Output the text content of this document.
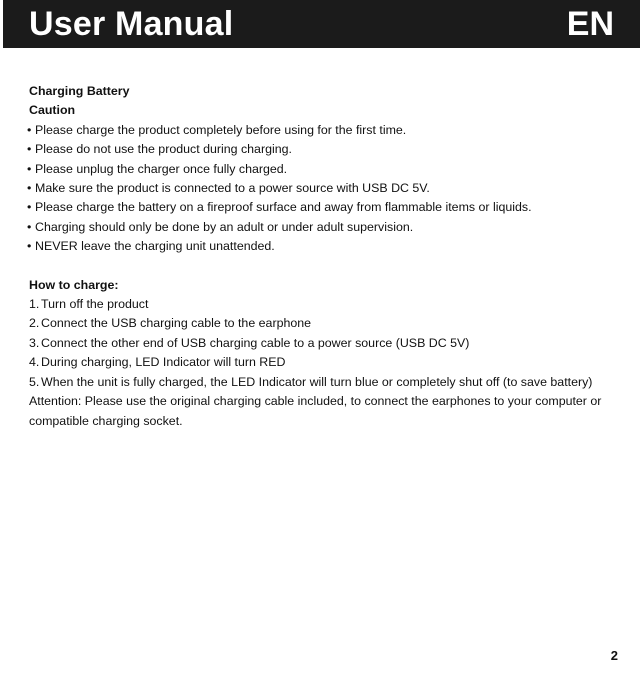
User Manual	EN

Charging Battery

Caution

• Please charge the product completely before using for the first time.
• Please do not use the product during charging.
• Please unplug the charger once fully charged.
• Make sure the product is connected to a power source with USB DC 5V.
• Please charge the battery on a fireproof surface and away from flammable items or liquids.
• Charging should only be done by an adult or under adult supervision.
• NEVER leave the charging unit unattended.

How to charge:

1. Turn off the product
2. Connect the USB charging cable to the earphone
3. Connect the other end of USB charging cable to a power source (USB DC 5V)
4. During charging, LED Indicator will turn RED
5. When the unit is fully charged, the LED Indicator will turn blue or completely shut off (to save battery)

Attention: Please use the original charging cable included, to connect the earphones to your computer or compatible charging socket.

2
